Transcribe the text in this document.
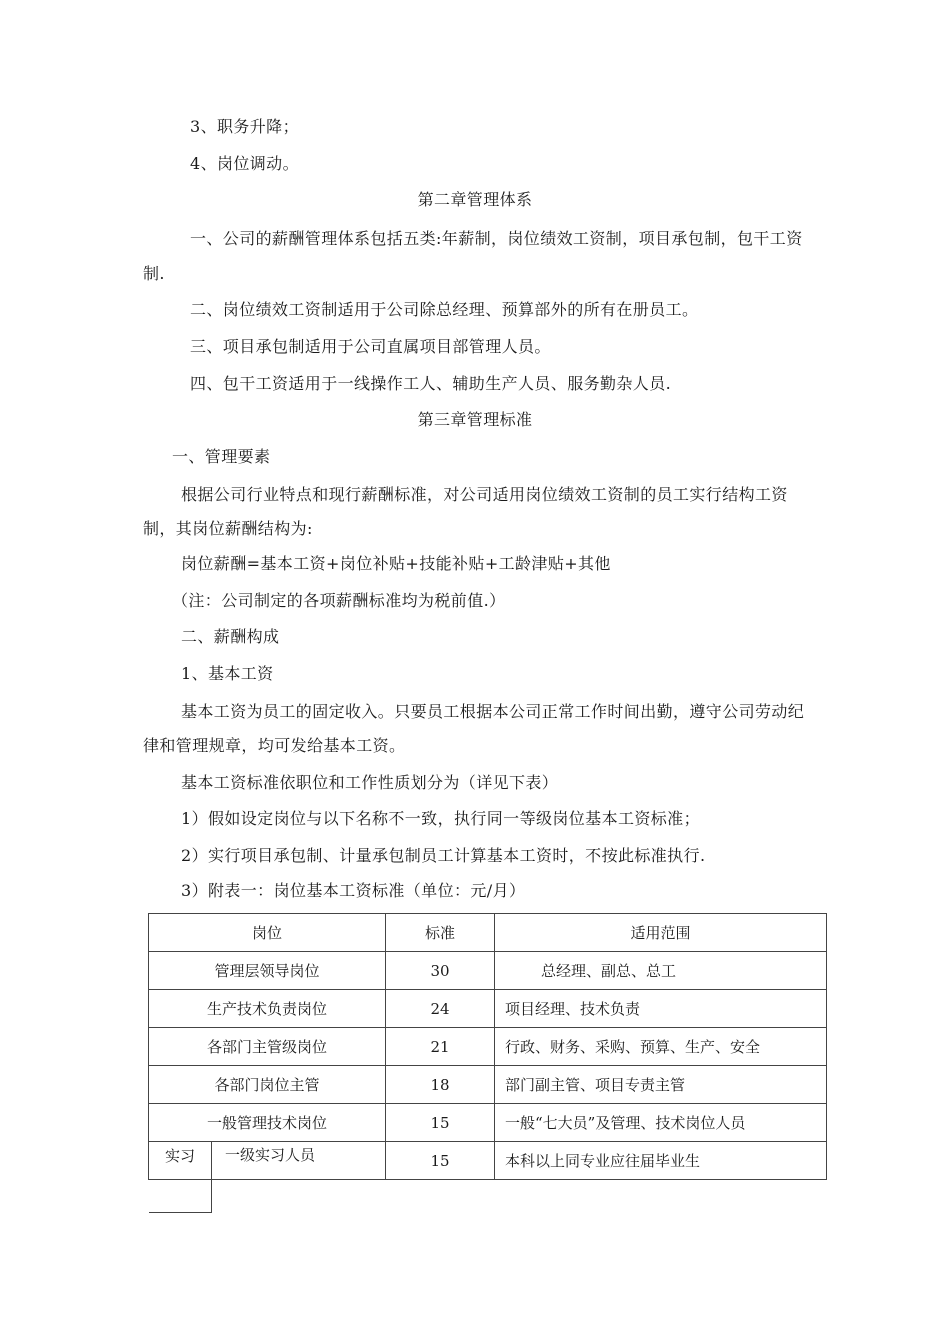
3、职务升降；
4、岗位调动。
第二章管理体系
一、公司的薪酬管理体系包括五类:年薪制，岗位绩效工资制，项目承包制，包干工资
制.
二、岗位绩效工资制适用于公司除总经理、预算部外的所有在册员工。
三、项目承包制适用于公司直属项目部管理人员。
四、包干工资适用于一线操作工人、辅助生产人员、服务勤杂人员.
第三章管理标准
一、管理要素
根据公司行业特点和现行薪酬标准，对公司适用岗位绩效工资制的员工实行结构工资
制，其岗位薪酬结构为:
岗位薪酬=基本工资+岗位补贴+技能补贴+工龄津贴+其他
（注：公司制定的各项薪酬标准均为税前值.）
二、薪酬构成
1、基本工资
基本工资为员工的固定收入。只要员工根据本公司正常工作时间出勤，遵守公司劳动纪
律和管理规章，均可发给基本工资。
基本工资标准依职位和工作性质划分为（详见下表）
1）假如设定岗位与以下名称不一致，执行同一等级岗位基本工资标准；
2）实行项目承包制、计量承包制员工计算基本工资时，不按此标准执行.
3）附表一：岗位基本工资标准（单位：元/月）
岗位	标准	适用范围
管理层领导岗位	30	总经理、副总、总工
生产技术负责岗位	24	项目经理、技术负责
各部门主管级岗位	21	行政、财务、采购、预算、生产、安全
各部门岗位主管	18	部门副主管、项目专责主管
一般管理技术岗位	15	一般“七大员”及管理、技术岗位人员

实习 一级实习人员	15	本科以上同专业应往届毕业生
